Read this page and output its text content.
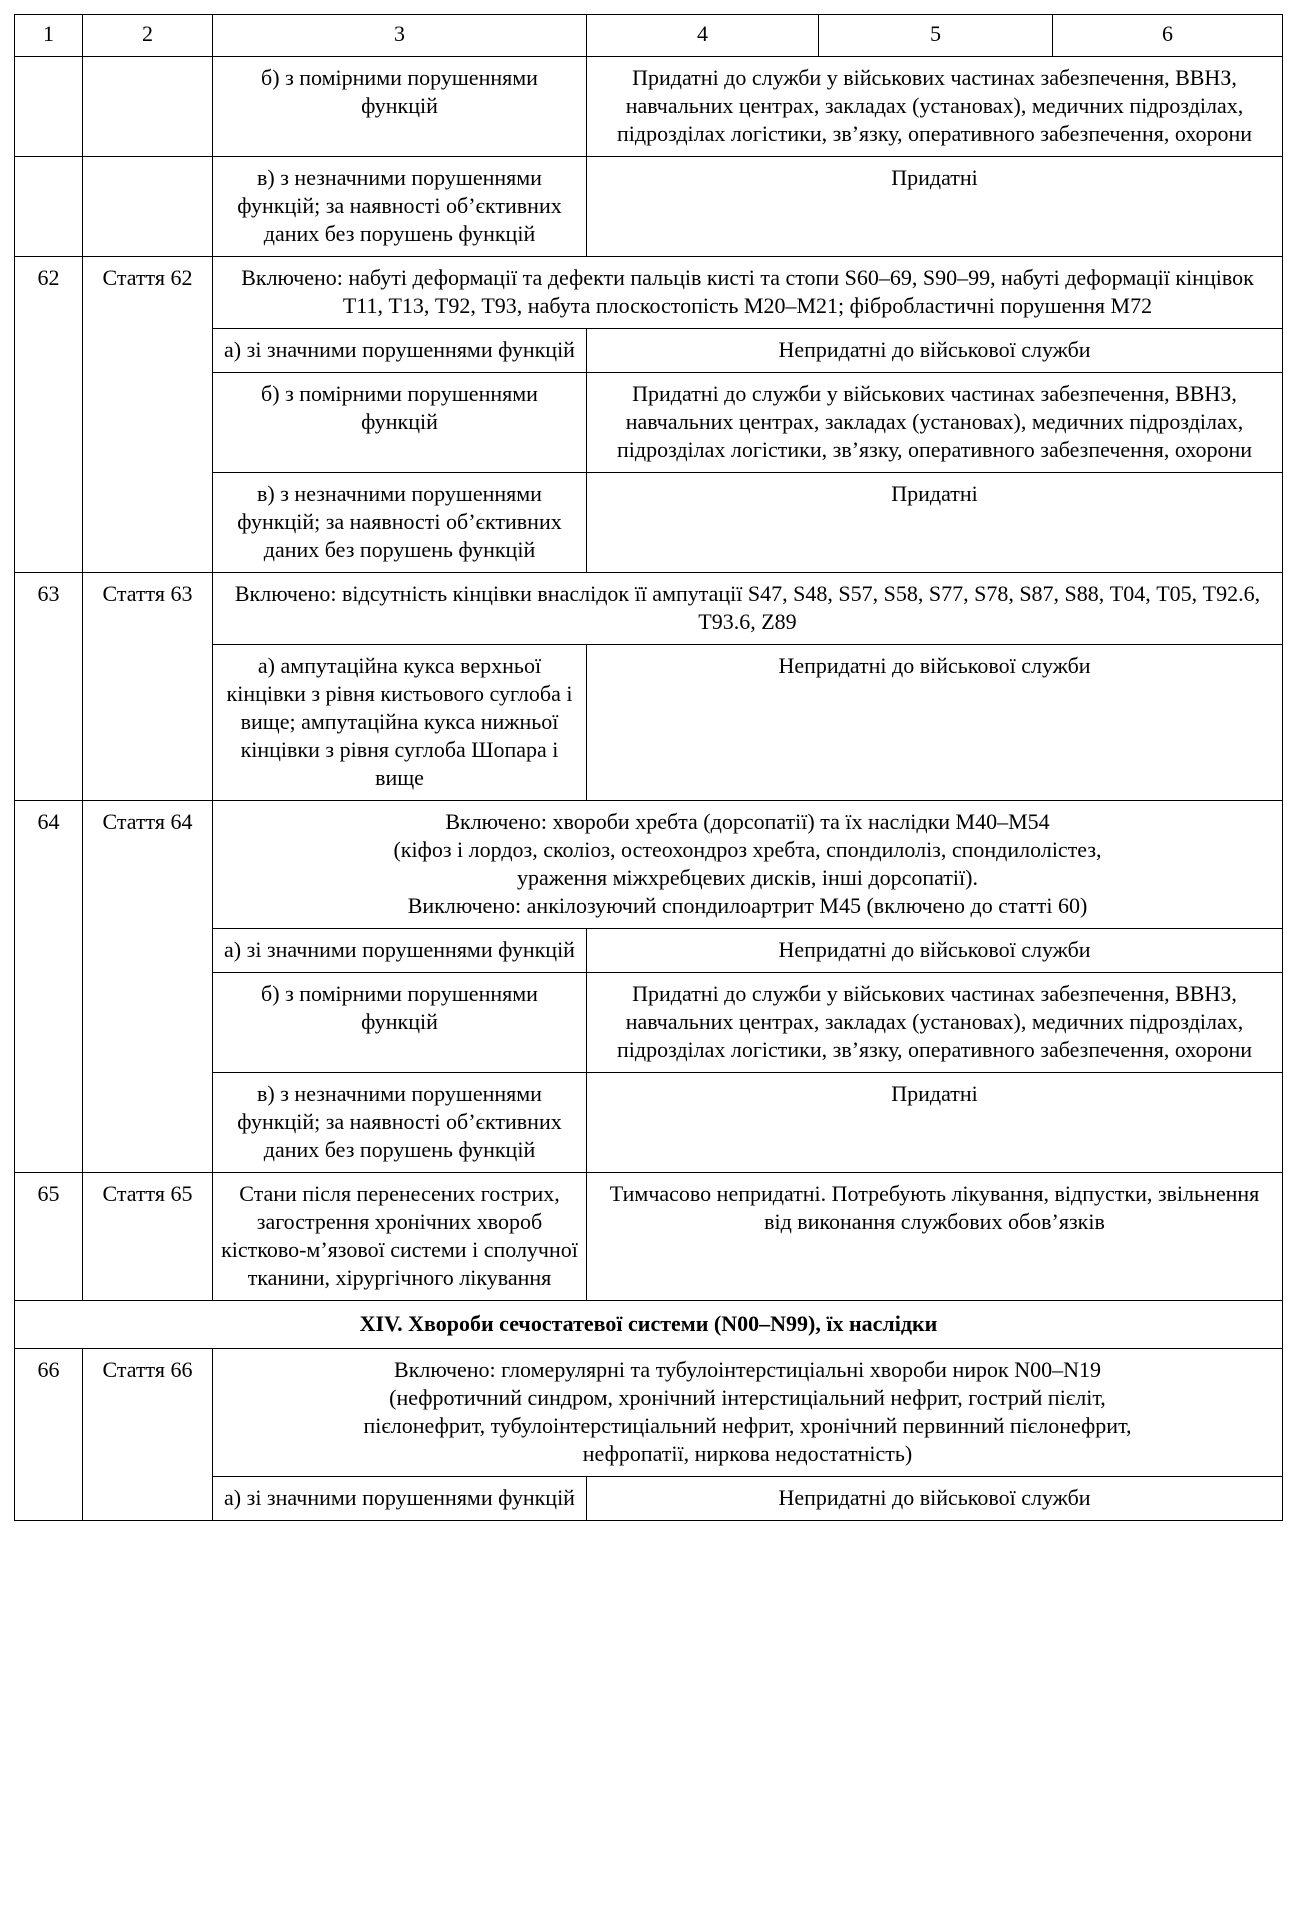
1	2	3	4	5	6
		б) з помірними порушеннями функцій	Придатні до служби у військових частинах забезпечення, ВВНЗ, навчальних центрах, закладах (установах), медичних підрозділах, підрозділах логістики, зв’язку, оперативного забезпечення, охорони		
		в) з незначними порушеннями функцій; за наявності об’єктивних даних без порушень функцій	Придатні		
62	Стаття 62	Включено: набуті деформації та дефекти пальців кисті та стопи S60–69, S90–99, набуті деформації кінцівок Т11, Т13, Т92, Т93, набута плоскостопість М20–М21; фібробластичні порушення М72			
		а) зі значними порушеннями функцій	Непридатні до військової служби		
		б) з помірними порушеннями функцій	Придатні до служби у військових частинах забезпечення, ВВНЗ, навчальних центрах, закладах (установах), медичних підрозділах, підрозділах логістики, зв’язку, оперативного забезпечення, охорони		
		в) з незначними порушеннями функцій; за наявності об’єктивних даних без порушень функцій	Придатні		
63	Стаття 63	Включено: відсутність кінцівки внаслідок її ампутації S47, S48, S57, S58, S77, S78, S87, S88, Т04, Т05, Т92.6, Т93.6, Z89			
		а) ампутаційна кукса верхньої кінцівки з рівня кистьового суглоба і вище; ампутаційна кукса нижньої кінцівки з рівня суглоба Шопара і вище	Непридатні до військової служби		
64	Стаття 64	Включено: хвороби хребта (дорсопатії) та їх наслідки M40–M54
(кіфоз і лордоз, сколіоз, остеохондроз хребта, спондилоліз, спондилолістез,
ураження міжхребцевих дисків, інші дорсопатії).
Виключено: анкілозуючий спондилоартрит M45 (включено до статті 60)			

		а) зі значними порушеннями функцій	Непридатні до військової служби		
		б) з помірними порушеннями функцій	Придатні до служби у військових частинах забезпечення, ВВНЗ, навчальних центрах, закладах (установах), медичних підрозділах, підрозділах логістики, зв’язку, оперативного забезпечення, охорони		
		в) з незначними порушеннями функцій; за наявності об’єктивних даних без порушень функцій	Придатні		
65	Стаття 65	Стани після перенесених гострих, загострення хронічних хвороб кістково-м’язової системи і сполучної тканини, хірургічного лікування	Тимчасово непридатні. Потребують лікування, відпустки, звільнення від виконання службових обов’язків		
XIV. Хвороби сечостатевої системи (N00–N99), їх наслідки					
66	Стаття 66	Включено: гломерулярні та тубулоінтерстиціальні хвороби нирок N00–N19
(нефротичний синдром, хронічний інтерстиціальний нефрит, гострий пієліт,
пієлонефрит, тубулоінтерстиціальний нефрит, хронічний первинний пієлонефрит,
нефропатії, ниркова недостатність)			

		а) зі значними порушеннями функцій	Непридатні до військової служби		
